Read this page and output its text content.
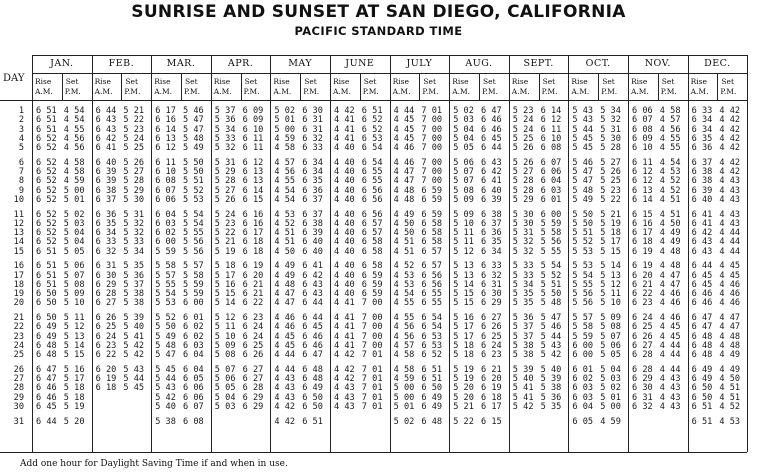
SUNRISE AND SUNSET AT SAN DIEGO, CALIFORNIA
PACIFIC STANDARD TIME
DAY
1
2
3
4
5
6
7
8
9
10
11
12
13
14
15
16
17
18
19
20
21
22
23
24
25
26
27
28
29
30
31
JAN.
Rise
A.M.
Set
P.M.
6 51
6 51
6 51
6 52
6 52
6 52
6 52
6 52
6 52
6 52
6 52
6 52
6 52
6 52
6 51
6 51
6 51
6 51
6 50
6 50
6 50
6 49
6 49
6 48
6 48
6 47
6 47
6 46
6 46
6 45
6 44
4 54
4 54
4 55
4 56
4 56
4 58
4 58
4 59
5 00
5 01
5 02
5 03
5 04
5 04
5 05
5 06
5 07
5 08
5 09
5 10
5 11
5 12
5 13
5 14
5 15
5 16
5 17
5 18
5 18
5 19
5 20
FEB.
Rise
A.M.
Set
P.M.
6 44
6 43
6 43
6 42
6 41
6 40
6 39
6 39
6 38
6 37
6 36
6 35
6 34
6 33
6 32
6 31
6 30
6 29
6 28
6 27
6 26
6 25
6 24
6 23
6 22
6 20
6 19
6 18
5 21
5 22
5 23
5 24
5 25
5 26
5 27
5 28
5 29
5 30
5 31
5 32
5 32
5 33
5 34
5 35
5 36
5 37
5 38
5 38
5 39
5 40
5 41
5 42
5 42
5 43
5 44
5 45
MAR.
Rise
A.M.
Set
P.M.
6 17
6 16
6 14
6 13
6 12
6 11
6 10
6 08
6 07
6 06
6 04
6 03
6 02
6 00
5 59
5 58
5 57
5 55
5 54
5 53
5 52
5 50
5 49
5 48
5 47
5 45
5 44
5 43
5 42
5 40
5 38
5 46
5 47
5 47
5 48
5 49
5 50
5 50
5 51
5 52
5 53
5 54
5 54
5 55
5 56
5 56
5 57
5 58
5 59
5 59
6 00
6 01
6 02
6 02
6 03
6 04
6 04
6 05
6 06
6 06
6 07
6 08
APR.
Rise
A.M.
Set
P.M.
5 37
5 36
5 34
5 33
5 32
5 31
5 29
5 28
5 27
5 26
5 24
5 23
5 22
5 21
5 19
5 18
5 17
5 16
5 15
5 14
5 12
5 11
5 10
5 09
5 08
5 07
5 06
5 05
5 04
5 03
6 09
6 09
6 10
6 11
6 11
6 12
6 13
6 13
6 14
6 15
6 16
6 16
6 17
6 18
6 18
6 19
6 20
6 21
6 21
6 22
6 23
6 24
6 24
6 25
6 26
6 27
6 27
6 28
6 29
6 29
MAY
Rise
A.M.
Set
P.M.
5 02
5 01
5 00
4 59
4 58
4 57
4 56
4 55
4 54
4 54
4 53
4 52
4 51
4 51
4 50
4 49
4 49
4 48
4 47
4 47
4 46
4 46
4 45
4 45
4 44
4 44
4 43
4 43
4 43
4 42
4 42
6 30
6 31
6 31
6 32
6 33
6 34
6 34
6 35
6 36
6 37
6 37
6 38
6 39
6 40
6 40
6 41
6 42
6 43
6 43
6 44
6 44
6 45
6 46
6 46
6 47
6 48
6 48
6 49
6 50
6 50
6 51
JUNE
Rise
A.M.
Set
P.M.
4 42
4 41
4 41
4 41
4 40
4 40
4 40
4 40
4 40
4 40
4 40
4 40
4 40
4 40
4 40
4 40
4 40
4 40
4 40
4 41
4 41
4 41
4 41
4 41
4 42
4 42
4 42
4 43
4 43
4 43
6 51
6 52
6 52
6 53
6 54
6 54
6 55
6 55
6 56
6 56
6 56
6 57
6 57
6 58
6 58
6 58
6 59
6 59
6 59
7 00
7 00
7 00
7 00
7 00
7 01
7 01
7 01
7 01
7 01
7 01
JULY
Rise
A.M.
Set
P.M.
4 44
4 45
4 45
4 45
4 46
4 46
4 47
4 47
4 48
4 48
4 49
4 50
4 50
4 51
4 51
4 52
4 53
4 53
4 54
4 55
4 55
4 56
4 56
4 57
4 58
4 58
4 59
5 00
5 00
5 01
5 02
7 01
7 00
7 00
7 00
7 00
7 00
7 00
7 00
6 59
6 59
6 59
6 58
6 58
6 58
6 57
6 57
6 56
6 56
6 55
6 55
6 54
6 54
6 53
6 53
6 52
6 51
6 51
6 50
6 49
6 49
6 48
AUG.
Rise
A.M.
Set
P.M.
5 02
5 03
5 04
5 04
5 05
5 06
5 07
5 07
5 08
5 09
5 09
5 10
5 11
5 11
5 12
5 13
5 13
5 14
5 15
5 15
5 16
5 17
5 17
5 18
5 18
5 19
5 19
5 20
5 20
5 21
5 22
6 47
6 46
6 46
6 45
6 44
6 43
6 42
6 41
6 40
6 39
6 38
6 37
6 36
6 35
6 34
6 33
6 32
6 31
6 30
6 29
6 27
6 26
6 25
6 24
6 23
6 21
6 20
6 19
6 18
6 17
6 15
SEPT.
Rise
A.M.
Set
P.M.
5 23
5 24
5 24
5 25
5 26
5 26
5 27
5 28
5 28
5 29
5 30
5 30
5 31
5 32
5 32
5 33
5 33
5 34
5 35
5 35
5 36
5 37
5 37
5 38
5 38
5 39
5 40
5 41
5 41
5 42
6 14
6 12
6 11
6 10
6 08
6 07
6 06
6 04
6 03
6 01
6 00
5 59
5 58
5 56
5 55
5 54
5 52
5 51
5 50
5 48
5 47
5 46
5 44
5 43
5 42
5 40
5 39
5 38
5 36
5 35
OCT.
Rise
A.M.
Set
P.M.
5 43
5 43
5 44
5 45
5 45
5 46
5 47
5 47
5 48
5 49
5 50
5 50
5 51
5 52
5 53
5 53
5 54
5 55
5 56
5 56
5 57
5 58
5 59
6 00
6 00
6 01
6 02
6 03
6 03
6 04
6 05
5 34
5 32
5 31
5 30
5 28
5 27
5 26
5 25
5 23
5 22
5 21
5 19
5 18
5 17
5 15
5 14
5 13
5 12
5 11
5 10
5 09
5 08
5 07
5 06
5 05
5 04
5 03
5 02
5 01
5 00
4 59
NOV.
Rise
A.M.
Set
P.M.
6 06
6 07
6 08
6 09
6 10
6 11
6 12
6 12
6 13
6 14
6 15
6 16
6 17
6 18
6 19
6 19
6 20
6 21
6 22
6 23
6 24
6 25
6 26
6 27
6 28
6 28
6 29
6 30
6 31
6 32
4 58
4 57
4 56
4 55
4 55
4 54
4 53
4 52
4 52
4 51
4 51
4 50
4 49
4 49
4 48
4 48
4 47
4 47
4 46
4 46
4 46
4 45
4 45
4 44
4 44
4 44
4 43
4 43
4 43
4 43
DEC.
Rise
A.M.
Set
P.M.
6 33
6 34
6 34
6 35
6 36
6 37
6 38
6 38
6 39
6 40
6 41
6 41
6 42
6 43
6 43
6 44
6 45
6 45
6 46
6 46
6 47
6 47
6 48
6 48
6 48
6 49
6 49
6 50
6 50
6 51
6 51
4 42
4 42
4 42
4 42
4 42
4 42
4 42
4 43
4 43
4 43
4 43
4 43
4 44
4 44
4 44
4 45
4 45
4 46
4 46
4 46
4 47
4 47
4 48
4 48
4 49
4 49
4 50
4 51
4 51
4 52
4 53
Add one hour for Daylight Saving Time if and when in use.
